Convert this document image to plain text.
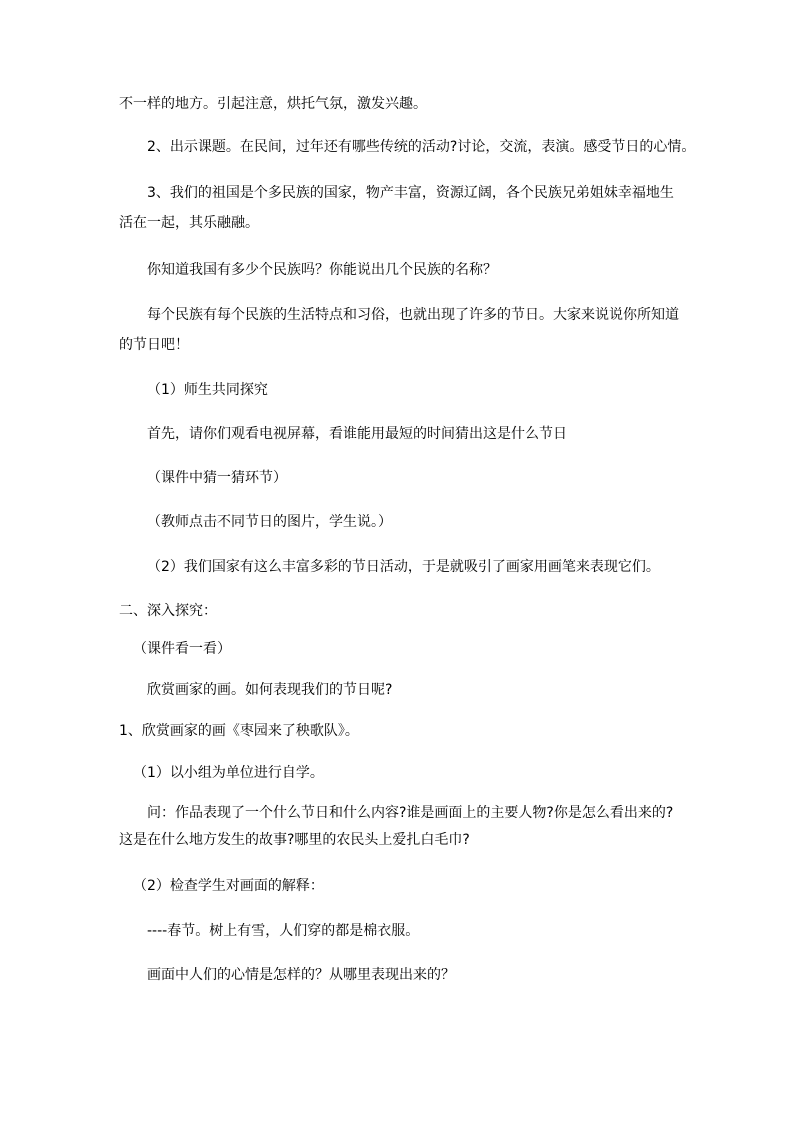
不一样的地方。引起注意，烘托气氛，激发兴趣。
2、出示课题。在民间，过年还有哪些传统的活动?讨论，交流，表演。感受节日的心情。
3、我们的祖国是个多民族的国家，物产丰富，资源辽阔，各个民族兄弟姐妹幸福地生
活在一起，其乐融融。
你知道我国有多少个民族吗？你能说出几个民族的名称？
每个民族有每个民族的生活特点和习俗，也就出现了许多的节日。大家来说说你所知道
的节日吧！
（1）师生共同探究
首先，请你们观看电视屏幕，看谁能用最短的时间猜出这是什么节日
（课件中猜一猜环节）
（教师点击不同节日的图片，学生说。）
（2）我们国家有这么丰富多彩的节日活动，于是就吸引了画家用画笔来表现它们。
二、深入探究：
（课件看一看）
欣赏画家的画。如何表现我们的节日呢?
1、欣赏画家的画《枣园来了秧歌队》。
（1）以小组为单位进行自学。
问：作品表现了一个什么节日和什么内容?谁是画面上的主要人物?你是怎么看出来的?
这是在什么地方发生的故事?哪里的农民头上爱扎白毛巾?
（2）检查学生对画面的解释：
----春节。树上有雪，人们穿的都是棉衣服。
画面中人们的心情是怎样的？从哪里表现出来的？
